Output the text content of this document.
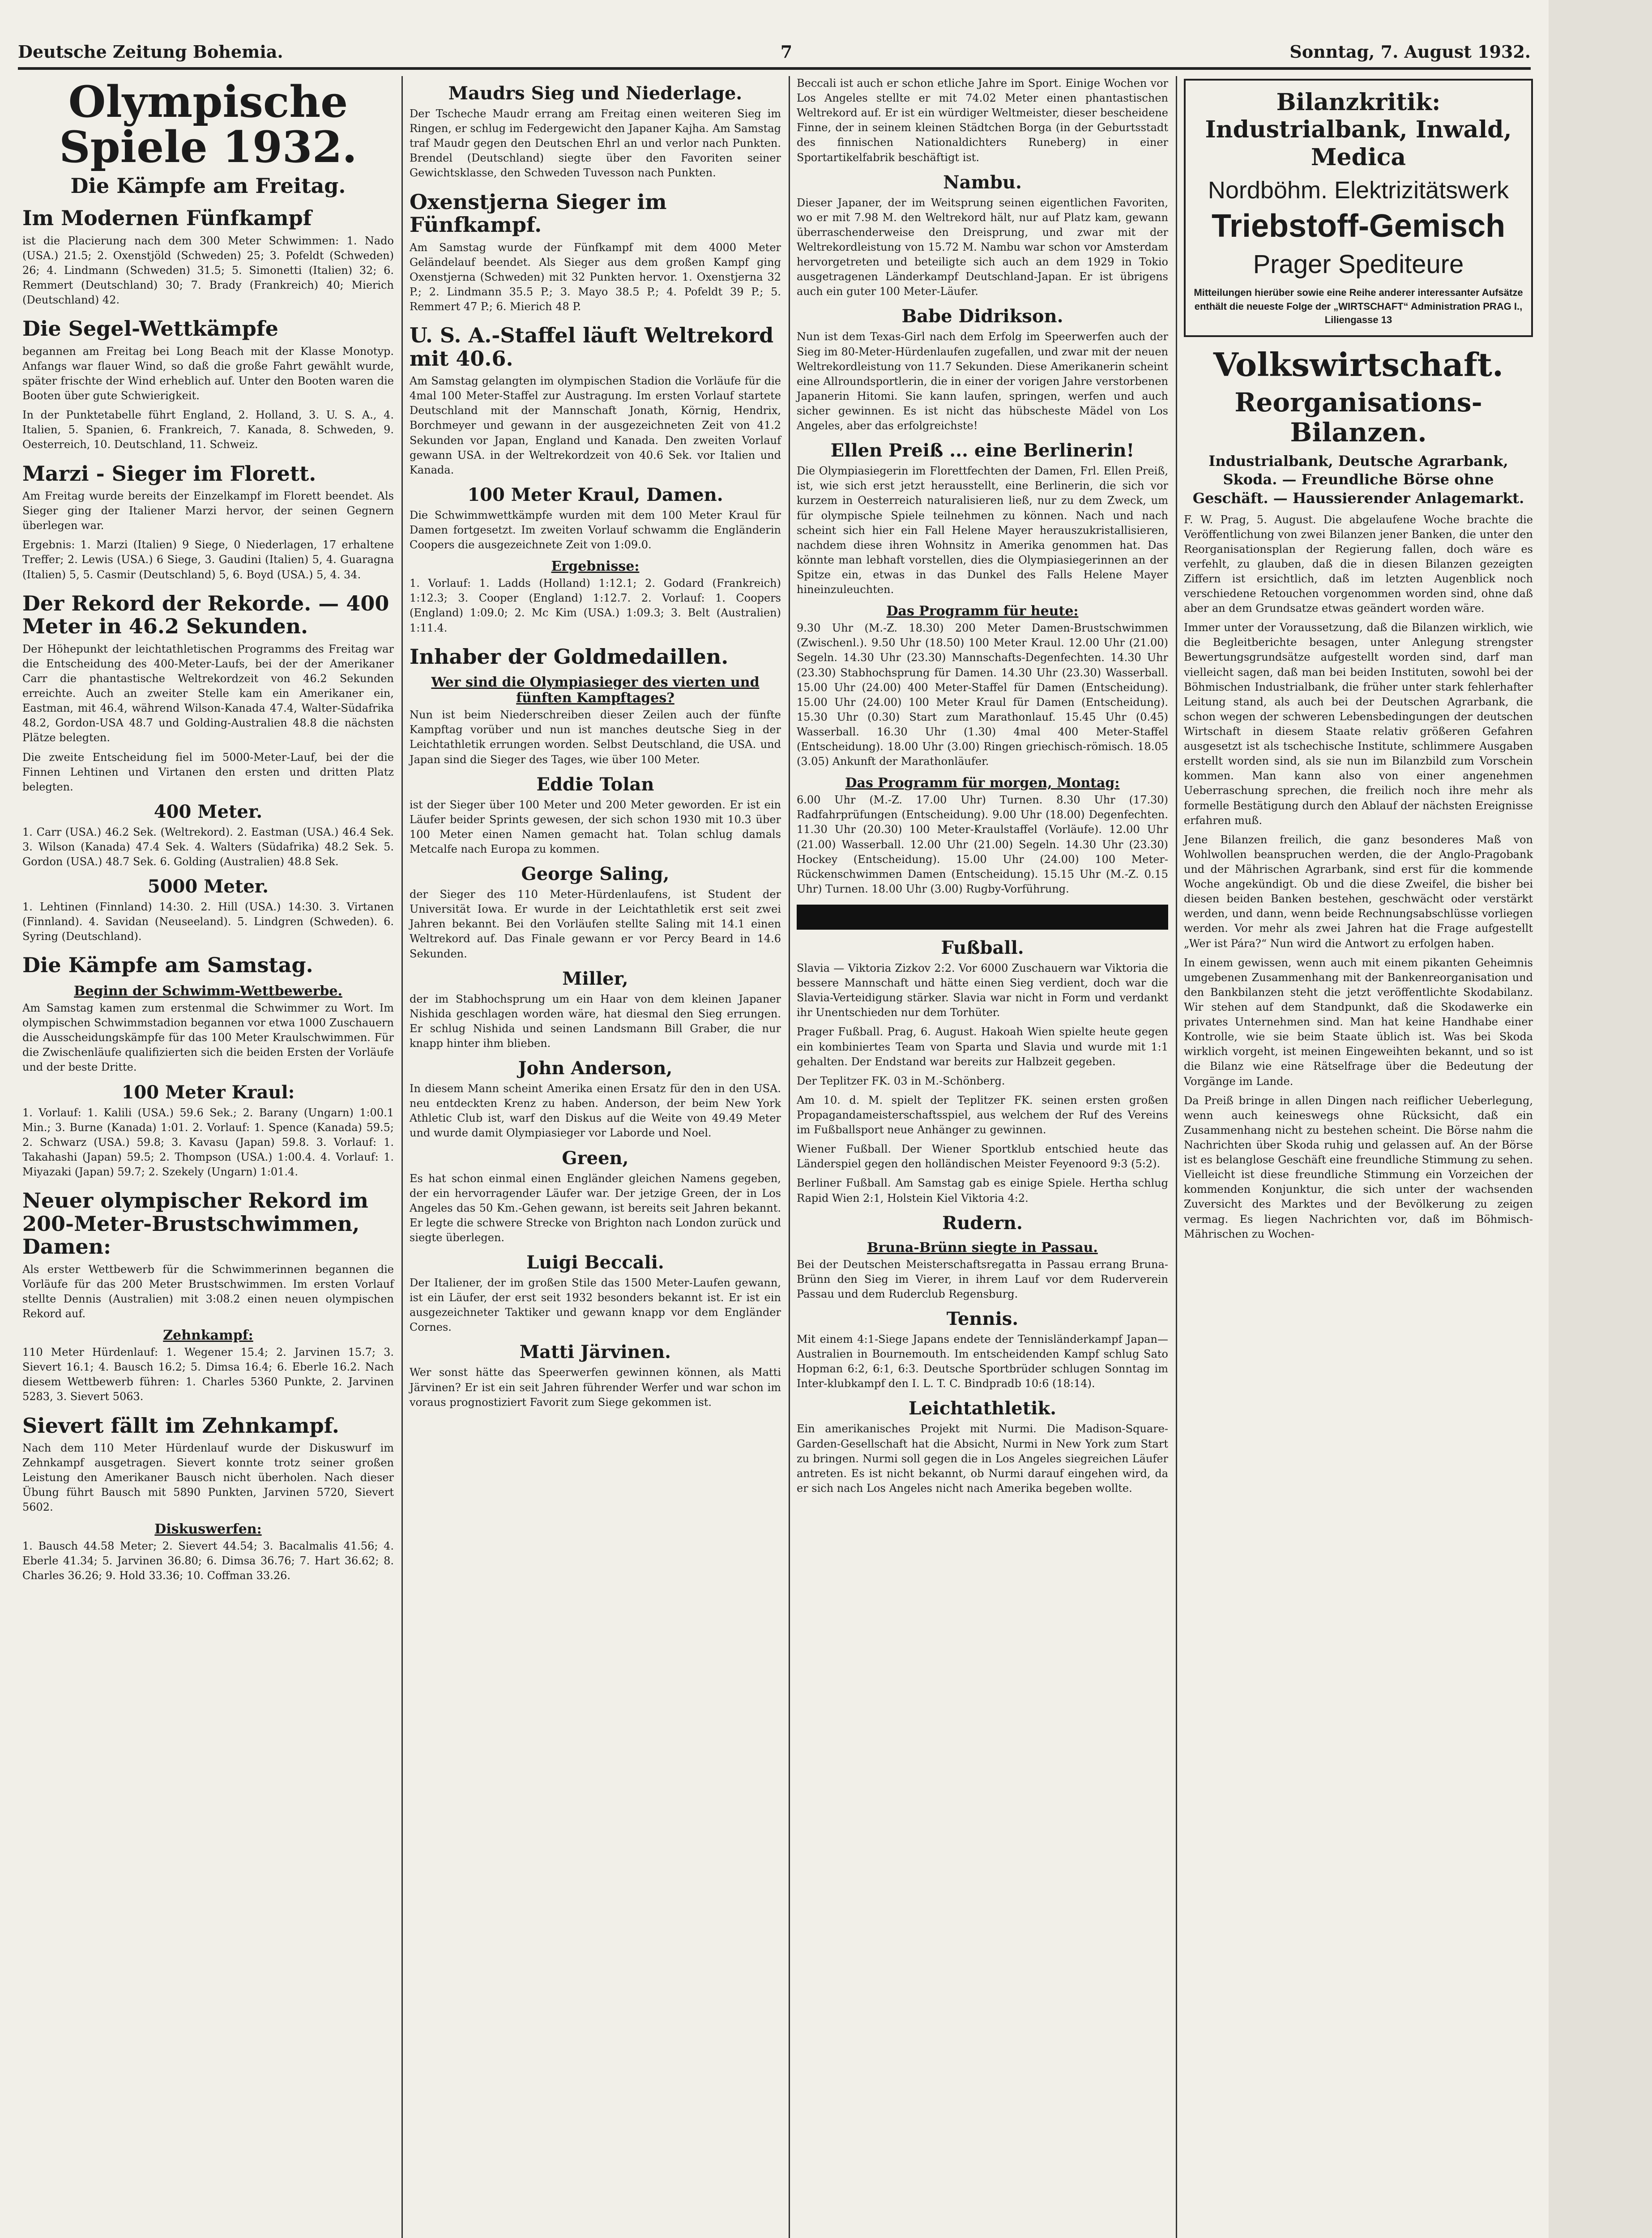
Deutsche Zeitung Bohemia.	7	Sonntag, 7. August 1932.
Olympische Spiele 1932.
Die Kämpfe am Freitag.
Im Modernen Fünfkampf

ist die Placierung nach dem 300 Meter Schwimmen: 1. Nado (USA.) 21.5; 2. Oxenstjöld (Schweden) 25; 3. Pofeldt (Schweden) 26; 4. Lindmann (Schweden) 31.5; 5. Simonetti (Italien) 32; 6. Remmert (Deutschland) 30; 7. Brady (Frankreich) 40; Mierich (Deutschland) 42.

Die Segel-Wettkämpfe

begannen am Freitag bei Long Beach mit der Klasse Monotyp. Anfangs war flauer Wind, so daß die große Fahrt gewählt wurde, später frischte der Wind erheblich auf. Unter den Booten waren die Booten über gute Schwierigkeit.

In der Punktetabelle führt England, 2. Holland, 3. U. S. A., 4. Italien, 5. Spanien, 6. Frankreich, 7. Kanada, 8. Schweden, 9. Oesterreich, 10. Deutschland, 11. Schweiz.

Marzi - Sieger im Florett.

Am Freitag wurde bereits der Einzelkampf im Florett beendet. Als Sieger ging der Italiener Marzi hervor, der seinen Gegnern überlegen war.

Ergebnis: 1. Marzi (Italien) 9 Siege, 0 Niederlagen, 17 erhaltene Treffer; 2. Lewis (USA.) 6 Siege, 3. Gaudini (Italien) 5, 4. Guaragna (Italien) 5, 5. Casmir (Deutschland) 5, 6. Boyd (USA.) 5, 4. 34.

Der Rekord der Rekorde. — 400 Meter in 46.2 Sekunden.

Der Höhepunkt der leichtathletischen Programms des Freitag war die Entscheidung des 400-Meter-Laufs, bei der der Amerikaner Carr die phantastische Weltrekordzeit von 46.2 Sekunden erreichte. Auch an zweiter Stelle kam ein Amerikaner ein, Eastman, mit 46.4, während Wilson-Kanada 47.4, Walter-Südafrika 48.2, Gordon-USA 48.7 und Golding-Australien 48.8 die nächsten Plätze belegten.

Die zweite Entscheidung fiel im 5000-Meter-Lauf, bei der die Finnen Lehtinen und Virtanen den ersten und dritten Platz belegten.

400 Meter.

1. Carr (USA.) 46.2 Sek. (Weltrekord). 2. Eastman (USA.) 46.4 Sek. 3. Wilson (Kanada) 47.4 Sek. 4. Walters (Südafrika) 48.2 Sek. 5. Gordon (USA.) 48.7 Sek. 6. Golding (Australien) 48.8 Sek.

5000 Meter.

1. Lehtinen (Finnland) 14:30. 2. Hill (USA.) 14:30. 3. Virtanen (Finnland). 4. Savidan (Neuseeland). 5. Lindgren (Schweden). 6. Syring (Deutschland).

Die Kämpfe am Samstag.
Beginn der Schwimm-Wettbewerbe.

Am Samstag kamen zum erstenmal die Schwimmer zu Wort. Im olympischen Schwimmstadion begannen vor etwa 1000 Zuschauern die Ausscheidungskämpfe für das 100 Meter Kraulschwimmen. Für die Zwischenläufe qualifizierten sich die beiden Ersten der Vorläufe und der beste Dritte.

100 Meter Kraul:

1. Vorlauf: 1. Kalili (USA.) 59.6 Sek.; 2. Barany (Ungarn) 1:00.1 Min.; 3. Burne (Kanada) 1:01. 2. Vorlauf: 1. Spence (Kanada) 59.5; 2. Schwarz (USA.) 59.8; 3. Kavasu (Japan) 59.8. 3. Vorlauf: 1. Takahashi (Japan) 59.5; 2. Thompson (USA.) 1:00.4. 4. Vorlauf: 1. Miyazaki (Japan) 59.7; 2. Szekely (Ungarn) 1:01.4.

Neuer olympischer Rekord im 200-Meter-Brustschwimmen, Damen:

Als erster Wettbewerb für die Schwimmerinnen begannen die Vorläufe für das 200 Meter Brustschwimmen. Im ersten Vorlauf stellte Dennis (Australien) mit 3:08.2 einen neuen olympischen Rekord auf.

Zehnkampf:

110 Meter Hürdenlauf: 1. Wegener 15.4; 2. Jarvinen 15.7; 3. Sievert 16.1; 4. Bausch 16.2; 5. Dimsa 16.4; 6. Eberle 16.2. Nach diesem Wettbewerb führen: 1. Charles 5360 Punkte, 2. Jarvinen 5283, 3. Sievert 5063.

Sievert fällt im Zehnkampf.

Nach dem 110 Meter Hürdenlauf wurde der Diskuswurf im Zehnkampf ausgetragen. Sievert konnte trotz seiner großen Leistung den Amerikaner Bausch nicht überholen. Nach dieser Übung führt Bausch mit 5890 Punkten, Jarvinen 5720, Sievert 5602.

Diskuswerfen:

1. Bausch 44.58 Meter; 2. Sievert 44.54; 3. Bacalmalis 41.56; 4. Eberle 41.34; 5. Jarvinen 36.80; 6. Dimsa 36.76; 7. Hart 36.62; 8. Charles 36.26; 9. Hold 33.36; 10. Coffman 33.26.

Maudrs Sieg und Niederlage.

Der Tscheche Maudr errang am Freitag einen weiteren Sieg im Ringen, er schlug im Federgewicht den Japaner Kajha. Am Samstag traf Maudr gegen den Deutschen Ehrl an und verlor nach Punkten. Brendel (Deutschland) siegte über den Favoriten seiner Gewichtsklasse, den Schweden Tuvesson nach Punkten.

Oxenstjerna Sieger im Fünfkampf.

Am Samstag wurde der Fünfkampf mit dem 4000 Meter Geländelauf beendet. Als Sieger aus dem großen Kampf ging Oxenstjerna (Schweden) mit 32 Punkten hervor. 1. Oxenstjerna 32 P.; 2. Lindmann 35.5 P.; 3. Mayo 38.5 P.; 4. Pofeldt 39 P.; 5. Remmert 47 P.; 6. Mierich 48 P.

U. S. A.-Staffel läuft Weltrekord mit 40.6.

Am Samstag gelangten im olympischen Stadion die Vorläufe für die 4mal 100 Meter-Staffel zur Austragung. Im ersten Vorlauf startete Deutschland mit der Mannschaft Jonath, Körnig, Hendrix, Borchmeyer und gewann in der ausgezeichneten Zeit von 41.2 Sekunden vor Japan, England und Kanada. Den zweiten Vorlauf gewann USA. in der Weltrekordzeit von 40.6 Sek. vor Italien und Kanada.

100 Meter Kraul, Damen.

Die Schwimmwettkämpfe wurden mit dem 100 Meter Kraul für Damen fortgesetzt. Im zweiten Vorlauf schwamm die Engländerin Coopers die ausgezeichnete Zeit von 1:09.0.

Ergebnisse:

1. Vorlauf: 1. Ladds (Holland) 1:12.1; 2. Godard (Frankreich) 1:12.3; 3. Cooper (England) 1:12.7. 2. Vorlauf: 1. Coopers (England) 1:09.0; 2. Mc Kim (USA.) 1:09.3; 3. Belt (Australien) 1:11.4.

Inhaber der Goldmedaillen.
Wer sind die Olympiasieger des vierten und fünften Kampftages?

Nun ist beim Niederschreiben dieser Zeilen auch der fünfte Kampftag vorüber und nun ist manches deutsche Sieg in der Leichtathletik errungen worden. Selbst Deutschland, die USA. und Japan sind die Sieger des Tages, wie über 100 Meter.

Eddie Tolan

ist der Sieger über 100 Meter und 200 Meter geworden. Er ist ein Läufer beider Sprints gewesen, der sich schon 1930 mit 10.3 über 100 Meter einen Namen gemacht hat. Tolan schlug damals Metcalfe nach Europa zu kommen.

George Saling,

der Sieger des 110 Meter-Hürdenlaufens, ist Student der Universität Iowa. Er wurde in der Leichtathletik erst seit zwei Jahren bekannt. Bei den Vorläufen stellte Saling mit 14.1 einen Weltrekord auf. Das Finale gewann er vor Percy Beard in 14.6 Sekunden.

Miller,

der im Stabhochsprung um ein Haar von dem kleinen Japaner Nishida geschlagen worden wäre, hat diesmal den Sieg errungen. Er schlug Nishida und seinen Landsmann Bill Graber, die nur knapp hinter ihm blieben.

John Anderson,

In diesem Mann scheint Amerika einen Ersatz für den in den USA. neu entdeckten Krenz zu haben. Anderson, der beim New York Athletic Club ist, warf den Diskus auf die Weite von 49.49 Meter und wurde damit Olympiasieger vor Laborde und Noel.

Green,

Es hat schon einmal einen Engländer gleichen Namens gegeben, der ein hervorragender Läufer war. Der jetzige Green, der in Los Angeles das 50 Km.-Gehen gewann, ist bereits seit Jahren bekannt. Er legte die schwere Strecke von Brighton nach London zurück und siegte überlegen.

Luigi Beccali.

Der Italiener, der im großen Stile das 1500 Meter-Laufen gewann, ist ein Läufer, der erst seit 1932 besonders bekannt ist. Er ist ein ausgezeichneter Taktiker und gewann knapp vor dem Engländer Cornes.

Matti Järvinen.

Wer sonst hätte das Speerwerfen gewinnen können, als Matti Järvinen? Er ist ein seit Jahren führender Werfer und war schon im voraus prognostiziert Favorit zum Siege gekommen ist.

Beccali ist auch er schon etliche Jahre im Sport. Einige Wochen vor Los Angeles stellte er mit 74.02 Meter einen phantastischen Weltrekord auf. Er ist ein würdiger Weltmeister, dieser bescheidene Finne, der in seinem kleinen Städtchen Borga (in der Geburtsstadt des finnischen Nationaldichters Runeberg) in einer Sportartikelfabrik beschäftigt ist.

Nambu.

Dieser Japaner, der im Weitsprung seinen eigentlichen Favoriten, wo er mit 7.98 M. den Weltrekord hält, nur auf Platz kam, gewann überraschenderweise den Dreisprung, und zwar mit der Weltrekordleistung von 15.72 M. Nambu war schon vor Amsterdam hervorgetreten und beteiligte sich auch an dem 1929 in Tokio ausgetragenen Länderkampf Deutschland-Japan. Er ist übrigens auch ein guter 100 Meter-Läufer.

Babe Didrikson.

Nun ist dem Texas-Girl nach dem Erfolg im Speerwerfen auch der Sieg im 80-Meter-Hürdenlaufen zugefallen, und zwar mit der neuen Weltrekordleistung von 11.7 Sekunden. Diese Amerikanerin scheint eine Allroundsportlerin, die in einer der vorigen Jahre verstorbenen Japanerin Hitomi. Sie kann laufen, springen, werfen und auch sicher gewinnen. Es ist nicht das hübscheste Mädel von Los Angeles, aber das erfolgreichste!

Ellen Preiß ... eine Berlinerin!

Die Olympiasiegerin im Florettfechten der Damen, Frl. Ellen Preiß, ist, wie sich erst jetzt herausstellt, eine Berlinerin, die sich vor kurzem in Oesterreich naturalisieren ließ, nur zu dem Zweck, um für olympische Spiele teilnehmen zu können. Nach und nach scheint sich hier ein Fall Helene Mayer herauszukristallisieren, nachdem diese ihren Wohnsitz in Amerika genommen hat. Das könnte man lebhaft vorstellen, dies die Olympiasiegerinnen an der Spitze ein, etwas in das Dunkel des Falls Helene Mayer hineinzuleuchten.

Das Programm für heute:

9.30 Uhr (M.-Z. 18.30) 200 Meter Damen-Brustschwimmen (Zwischenl.). 9.50 Uhr (18.50) 100 Meter Kraul. 12.00 Uhr (21.00) Segeln. 14.30 Uhr (23.30) Mannschafts-Degenfechten. 14.30 Uhr (23.30) Stabhochsprung für Damen. 14.30 Uhr (23.30) Wasserball. 15.00 Uhr (24.00) 400 Meter-Staffel für Damen (Entscheidung). 15.00 Uhr (24.00) 100 Meter Kraul für Damen (Entscheidung). 15.30 Uhr (0.30) Start zum Marathonlauf. 15.45 Uhr (0.45) Wasserball. 16.30 Uhr (1.30) 4mal 400 Meter-Staffel (Entscheidung). 18.00 Uhr (3.00) Ringen griechisch-römisch. 18.05 (3.05) Ankunft der Marathonläufer.

Das Programm für morgen, Montag:

6.00 Uhr (M.-Z. 17.00 Uhr) Turnen. 8.30 Uhr (17.30) Radfahrprüfungen (Entscheidung). 9.00 Uhr (18.00) Degenfechten. 11.30 Uhr (20.30) 100 Meter-Kraulstaffel (Vorläufe). 12.00 Uhr (21.00) Wasserball. 12.00 Uhr (21.00) Segeln. 14.30 Uhr (23.30) Hockey (Entscheidung). 15.00 Uhr (24.00) 100 Meter-Rückenschwimmen Damen (Entscheidung). 15.15 Uhr (M.-Z. 0.15 Uhr) Turnen. 18.00 Uhr (3.00) Rugby-Vorführung.

Fußball.

Slavia — Viktoria Zizkov 2:2. Vor 6000 Zuschauern war Viktoria die bessere Mannschaft und hätte einen Sieg verdient, doch war die Slavia-Verteidigung stärker. Slavia war nicht in Form und verdankt ihr Unentschieden nur dem Torhüter.

Prager Fußball. Prag, 6. August. Hakoah Wien spielte heute gegen ein kombiniertes Team von Sparta und Slavia und wurde mit 1:1 gehalten. Der Endstand war bereits zur Halbzeit gegeben.

Der Teplitzer FK. 03 in M.-Schönberg.

Am 10. d. M. spielt der Teplitzer FK. seinen ersten großen Propagandameisterschaftsspiel, aus welchem der Ruf des Vereins im Fußballsport neue Anhänger zu gewinnen.

Wiener Fußball. Der Wiener Sportklub entschied heute das Länderspiel gegen den holländischen Meister Feyenoord 9:3 (5:2).

Berliner Fußball. Am Samstag gab es einige Spiele. Hertha schlug Rapid Wien 2:1, Holstein Kiel Viktoria 4:2.

Rudern.
Bruna-Brünn siegte in Passau.

Bei der Deutschen Meisterschaftsregatta in Passau errang Bruna-Brünn den Sieg im Vierer, in ihrem Lauf vor dem Ruderverein Passau und dem Ruderclub Regensburg.

Tennis.

Mit einem 4:1-Siege Japans endete der Tennisländerkampf Japan—Australien in Bournemouth. Im entscheidenden Kampf schlug Sato Hopman 6:2, 6:1, 6:3. Deutsche Sportbrüder schlugen Sonntag im Inter-klubkampf den I. L. T. C. Bindpradb 10:6 (18:14).

Leichtathletik.

Ein amerikanisches Projekt mit Nurmi. Die Madison-Square-Garden-Gesellschaft hat die Absicht, Nurmi in New York zum Start zu bringen. Nurmi soll gegen die in Los Angeles siegreichen Läufer antreten. Es ist nicht bekannt, ob Nurmi darauf eingehen wird, da er sich nach Los Angeles nicht nach Amerika begeben wollte.

Bilanzkritik: Industrialbank, Inwald, Medica
Nordböhm. Elektrizitätswerk
Triebstoff-Gemisch
Prager Spediteure
Mitteilungen hierüber sowie eine Reihe anderer interessanter Aufsätze enthält die neueste Folge der „WIRTSCHAFT“ Administration PRAG I., Liliengasse 13
Volkswirtschaft.
Reorganisations-Bilanzen.
Industrialbank, Deutsche Agrarbank, Skoda. — Freundliche Börse ohne Geschäft. — Haussierender Anlagemarkt.

F. W. Prag, 5. August. Die abgelaufene Woche brachte die Veröffentlichung von zwei Bilanzen jener Banken, die unter den Reorganisationsplan der Regierung fallen, doch wäre es verfehlt, zu glauben, daß die in diesen Bilanzen gezeigten Ziffern ist ersichtlich, daß im letzten Augenblick noch verschiedene Retouchen vorgenommen worden sind, ohne daß aber an dem Grundsatze etwas geändert worden wäre.

Immer unter der Voraussetzung, daß die Bilanzen wirklich, wie die Begleitberichte besagen, unter Anlegung strengster Bewertungsgrundsätze aufgestellt worden sind, darf man vielleicht sagen, daß man bei beiden Instituten, sowohl bei der Böhmischen Industrialbank, die früher unter stark fehlerhafter Leitung stand, als auch bei der Deutschen Agrarbank, die schon wegen der schweren Lebensbedingungen der deutschen Wirtschaft in diesem Staate relativ größeren Gefahren ausgesetzt ist als tschechische Institute, schlimmere Ausgaben erstellt worden sind, als sie nun im Bilanzbild zum Vorschein kommen. Man kann also von einer angenehmen Ueberraschung sprechen, die freilich noch ihre mehr als formelle Bestätigung durch den Ablauf der nächsten Ereignisse erfahren muß.

Jene Bilanzen freilich, die ganz besonderes Maß von Wohlwollen beanspruchen werden, die der Anglo-Pragobank und der Mährischen Agrarbank, sind erst für die kommende Woche angekündigt. Ob und die diese Zweifel, die bisher bei diesen beiden Banken bestehen, geschwächt oder verstärkt werden, und dann, wenn beide Rechnungsabschlüsse vorliegen werden. Vor mehr als zwei Jahren hat die Frage aufgestellt „Wer ist Pára?“ Nun wird die Antwort zu erfolgen haben.

In einem gewissen, wenn auch mit einem pikanten Geheimnis umgebenen Zusammenhang mit der Bankenreorganisation und den Bankbilanzen steht die jetzt veröffentlichte Skodabilanz. Wir stehen auf dem Standpunkt, daß die Skodawerke ein privates Unternehmen sind. Man hat keine Handhabe einer Kontrolle, wie sie beim Staate üblich ist. Was bei Skoda wirklich vorgeht, ist meinen Eingeweihten bekannt, und so ist die Bilanz wie eine Rätselfrage über die Bedeutung der Vorgänge im Lande.

Da Preiß bringe in allen Dingen nach reiflicher Ueberlegung, wenn auch keineswegs ohne Rücksicht, daß ein Zusammenhang nicht zu bestehen scheint. Die Börse nahm die Nachrichten über Skoda ruhig und gelassen auf. An der Börse ist es belanglose Geschäft eine freundliche Stimmung zu sehen. Vielleicht ist diese freundliche Stimmung ein Vorzeichen der kommenden Konjunktur, die sich unter der wachsenden Zuversicht des Marktes und der Bevölkerung zu zeigen vermag. Es liegen Nachrichten vor, daß im Böhmisch-Mährischen zu Wochen-
